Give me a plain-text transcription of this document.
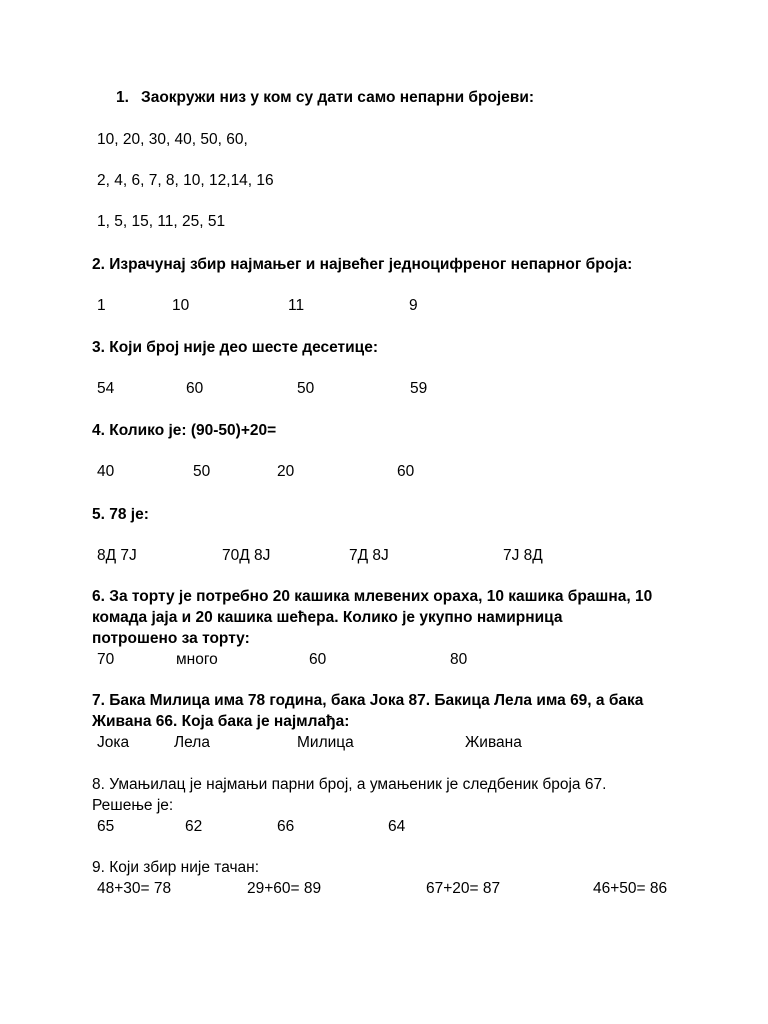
1. Заокружи низ у ком су дати само непарни бројеви:
10, 20, 30, 40, 50, 60,
2, 4, 6, 7, 8, 10, 12,14, 16
1, 5, 15, 11, 25, 51
2. Израчунај збир најмањег и највећег једноцифреног непарног броја:
1	10	11	9
3. Који број није део шесте десетице:
54	60	50	59
4. Колико је: (90-50)+20=
40	50	20	60
5. 78 је:
8Д 7Ј	70Д 8Ј	7Д 8Ј	7Ј 8Д
6. За торту је потребно 20 кашика млевених ораха, 10 кашика брашна, 10
комада јаја и 20 кашика шећера. Колико је укупно намирница
потрошено за торту:
70	много	60	80
7. Бака Милица има 78 година, бака Јока 87. Бакица Лела има 69, а бака
Живана 66. Која бака је најмлађа:
Јока	Лела	Милица	Живана
8. Умањилац је најмањи парни број, а умањеник је следбеник броја 67.
Решење је:
65	62	66	64
9. Који збир није тачан:
48+30= 78	29+60= 89	67+20= 87	46+50= 86
